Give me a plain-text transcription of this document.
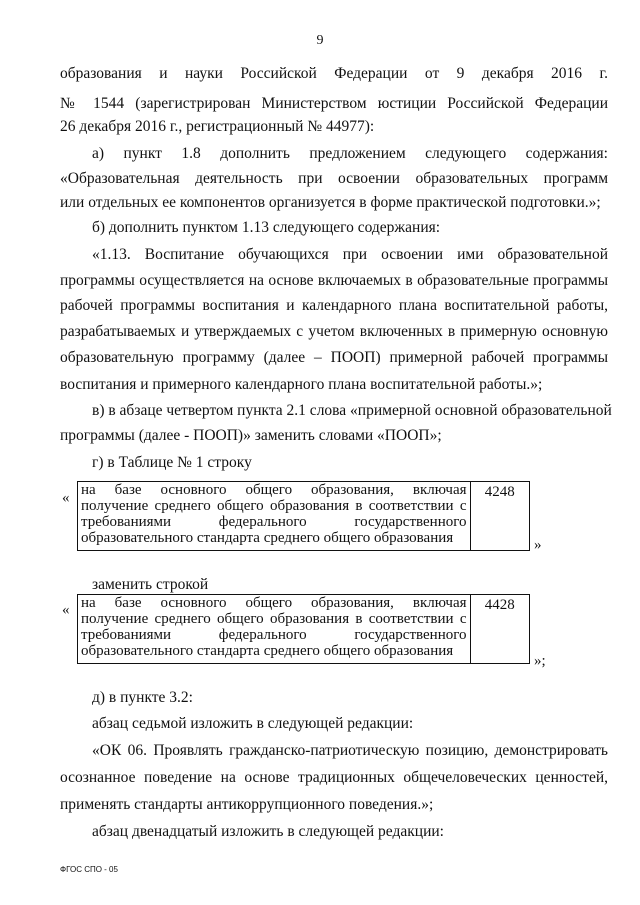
9
образования и науки Российской Федерации от 9 декабря 2016 г.
№ 1544 (зарегистрирован Министерством юстиции Российской Федерации
26 декабря 2016 г., регистрационный № 44977):
а) пункт 1.8 дополнить предложением следующего содержания:
«Образовательная деятельность при освоении образовательных программ
или отдельных ее компонентов организуется в форме практической подготовки.»;
б) дополнить пунктом 1.13 следующего содержания:
«1.13. Воспитание обучающихся при освоении ими образовательной
программы осуществляется на основе включаемых в образовательные программы
рабочей программы воспитания и календарного плана воспитательной работы,
разрабатываемых и утверждаемых с учетом включенных в примерную основную
образовательную программу (далее – ПООП) примерной рабочей программы
воспитания и примерного календарного плана воспитательной работы.»;
в) в абзаце четвертом пункта 2.1 слова «примерной основной образовательной
программы (далее - ПООП)» заменить словами «ПООП»;
г) в Таблице № 1 строку
« на базе основного общего образования, включая
получение среднего общего образования в соответствии с
требованиями федерального государственного
образовательного стандарта среднего общего образования
	4248
»
заменить строкой
« на базе основного общего образования, включая
получение среднего общего образования в соответствии с
требованиями федерального государственного
образовательного стандарта среднего общего образования
	4428
»;
д) в пункте 3.2:
абзац седьмой изложить в следующей редакции:
«ОК 06. Проявлять гражданско-патриотическую позицию, демонстрировать
осознанное поведение на основе традиционных общечеловеческих ценностей,
применять стандарты антикоррупционного поведения.»;
абзац двенадцатый изложить в следующей редакции:
ФГОС СПО - 05
